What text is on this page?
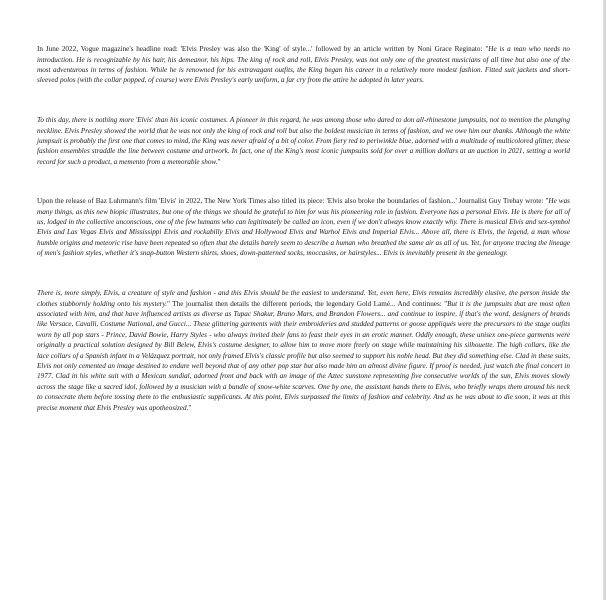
In June 2022, Vogue magazine's headline read: 'Elvis Presley was also the 'King' of style...' followed by an article written by Noni Grace Reginato: "He is a man who needs no introduction. He is recognizable by his hair, his demeanor, his hips. The king of rock and roll, Elvis Presley, was not only one of the greatest musicians of all time but also one of the most adventurous in terms of fashion. While he is renowned for his extravagant outfits, the King began his career in a relatively more modest fashion. Fitted suit jackets and short-sleeved polos (with the collar popped, of course) were Elvis Presley's early uniform, a far cry from the attire he adopted in later years.

To this day, there is nothing more 'Elvis' than his iconic costumes. A pioneer in this regard, he was among those who dared to don all-rhinestone jumpsuits, not to mention the plunging neckline. Elvis Presley showed the world that he was not only the king of rock and roll but also the boldest musician in terms of fashion, and we owe him our thanks. Although the white jumpsuit is probably the first one that comes to mind, the King was never afraid of a bit of color. From fiery red to periwinkle blue, adorned with a multitude of multicolored glitter, these fashion ensembles straddle the line between costume and artwork. In fact, one of the King's most iconic jumpsuits sold for over a million dollars at an auction in 2021, setting a world record for such a product, a memento from a memorable show."

Upon the release of Baz Luhrmann's film 'Elvis' in 2022, The New York Times also titled its piece: 'Elvis also broke the boundaries of fashion...' Journalist Guy Trebay wrote: "He was many things, as this new biopic illustrates, but one of the things we should be grateful to him for was his pioneering role in fashion. Everyone has a personal Elvis. He is there for all of us, lodged in the collective unconscious, one of the few humans who can legitimately be called an icon, even if we don't always know exactly why. There is musical Elvis and sex-symbol Elvis and Las Vegas Elvis and Mississippi Elvis and rockabilly Elvis and Hollywood Elvis and Warhol Elvis and Imperial Elvis... Above all, there is Elvis, the legend, a man whose humble origins and meteoric rise have been repeated so often that the details barely seem to describe a human who breathed the same air as all of us. Yet, for anyone tracing the lineage of men's fashion styles, whether it's snap-button Western shirts, shoes, down-patterned socks, moccasins, or hairstyles... Elvis is inevitably present in the genealogy.

There is, more simply, Elvis, a creature of style and fashion - and this Elvis should be the easiest to understand. Yet, even here, Elvis remains incredibly elusive, the person inside the clothes stubbornly holding onto his mystery." The journalist then details the different periods, the legendary Gold Lamé... And continues: "But it is the jumpsuits that are most often associated with him, and that have influenced artists as diverse as Tupac Shakur, Bruno Mars, and Brandon Flowers... and continue to inspire, if that's the word, designers of brands like Versace, Cavalli, Costume National, and Gucci... These glittering garments with their embroideries and studded patterns or goose appliqués were the precursors to the stage outfits worn by all pop stars - Prince, David Bowie, Harry Styles - who always invited their fans to feast their eyes in an erotic manner. Oddly enough, these unisex one-piece garments were originally a practical solution designed by Bill Belew, Elvis's costume designer, to allow him to move more freely on stage while maintaining his silhouette. The high collars, like the lace collars of a Spanish infant in a Velázquez portrait, not only framed Elvis's classic profile but also seemed to support his noble head. But they did something else. Clad in these suits, Elvis not only cemented an image destined to endure well beyond that of any other pop star but also made him an almost divine figure. If proof is needed, just watch the final concert in 1977. Clad in his white suit with a Mexican sundial, adorned front and back with an image of the Aztec sunstone representing five consecutive worlds of the sun, Elvis moves slowly across the stage like a sacred idol, followed by a musician with a bundle of snow-white scarves. One by one, the assistant hands them to Elvis, who briefly wraps them around his neck to consecrate them before tossing them to the enthusiastic supplicants. At this point, Elvis surpassed the limits of fashion and celebrity. And as he was about to die soon, it was at this precise moment that Elvis Presley was apotheosized."
